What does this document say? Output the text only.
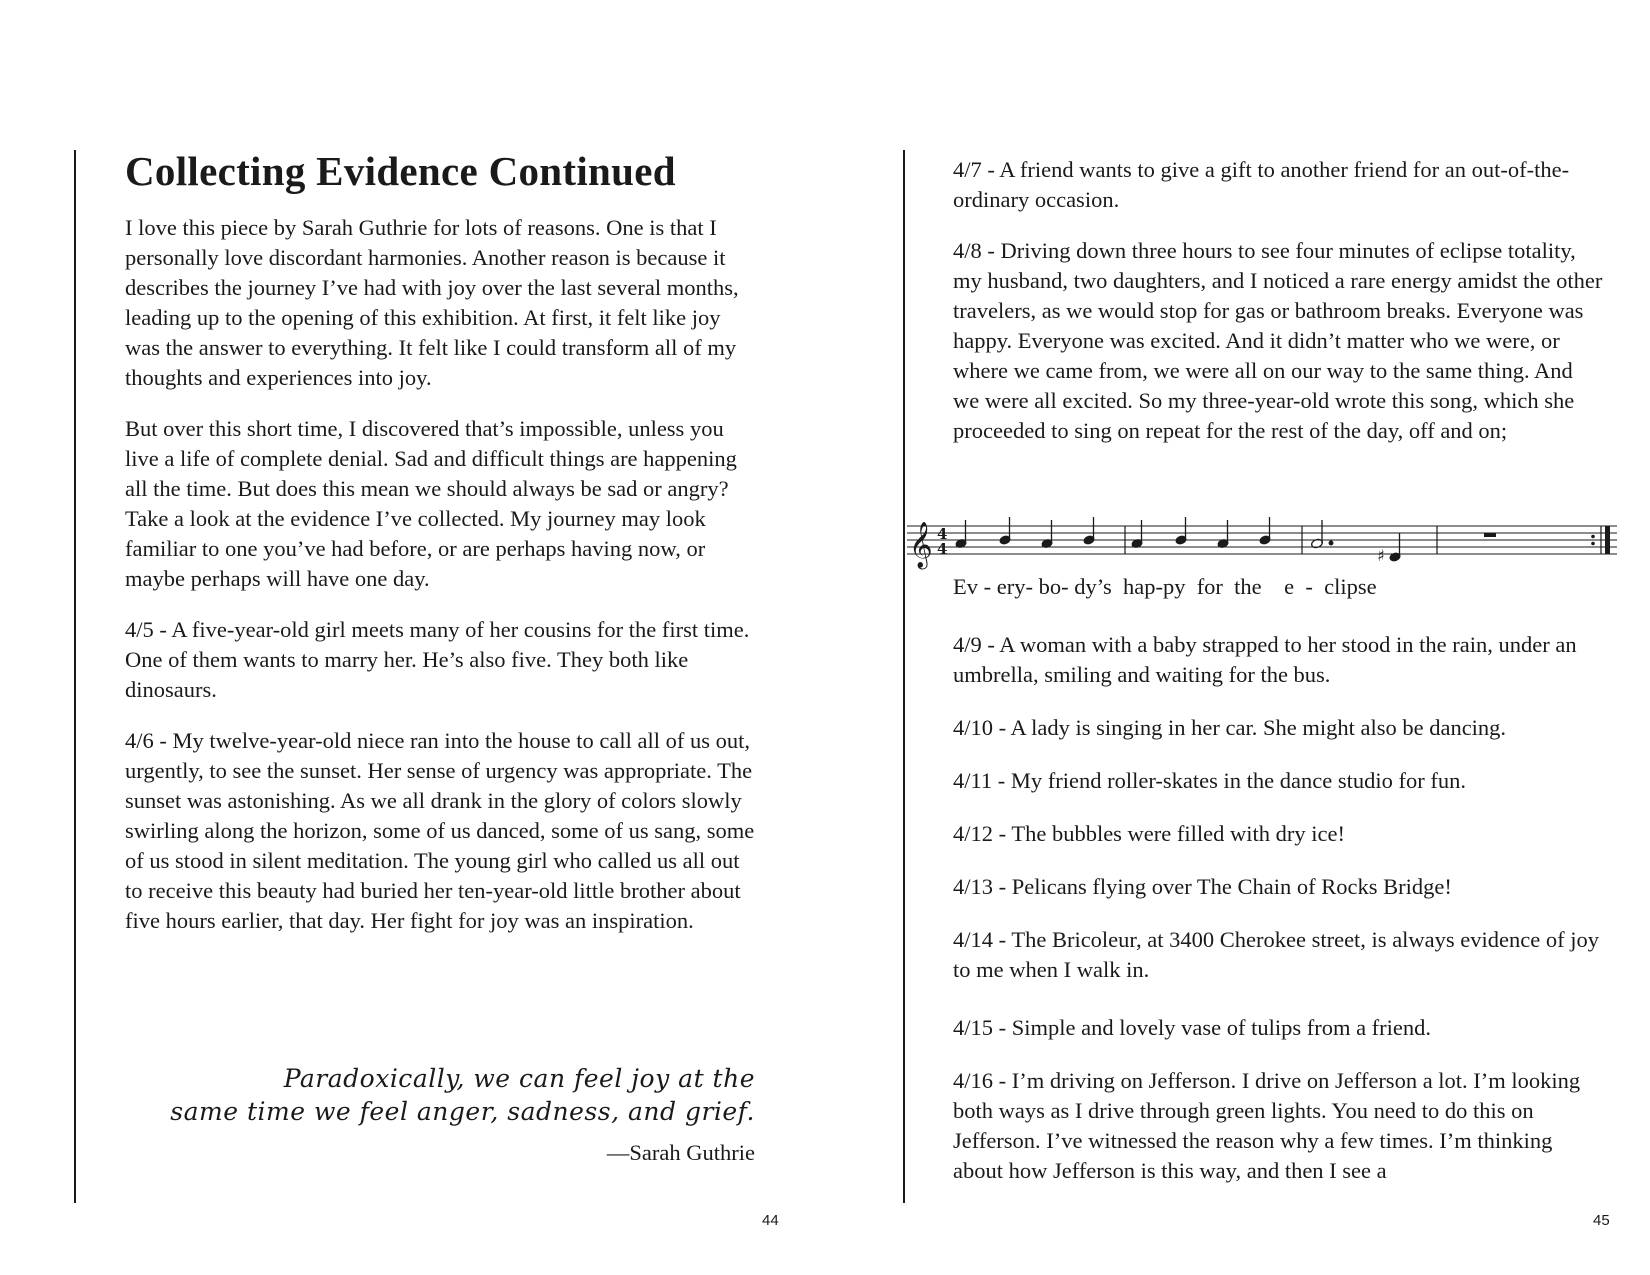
Collecting Evidence Continued

I love this piece by Sarah Guthrie for lots of reasons. One is that I personally love discordant harmonies. Another reason is because it describes the journey I’ve had with joy over the last several months, leading up to the opening of this exhibition. At first, it felt like joy was the answer to everything. It felt like I could transform all of my thoughts and experiences into joy.

But over this short time, I discovered that’s impossible, unless you live a life of complete denial. Sad and difficult things are happening all the time. But does this mean we should always be sad or angry? Take a look at the evidence I’ve collected. My journey may look familiar to one you’ve had before, or are perhaps having now, or maybe perhaps will have one day.

4/5 - A five-year-old girl meets many of her cousins for the first time. One of them wants to marry her. He’s also five. They both like dinosaurs.

4/6 - My twelve-year-old niece ran into the house to call all of us out, urgently, to see the sunset. Her sense of urgency was appropriate. The sunset was astonishing. As we all drank in the glory of colors slowly swirling along the horizon, some of us danced, some of us sang, some of us stood in silent meditation. The young girl who called us all out to receive this beauty had buried her ten-year-old little brother about five hours earlier, that day. Her fight for joy was an inspiration.

Paradoxically, we can feel joy at the
same time we feel anger, sadness, and grief.
—Sarah Guthrie
44

4/7 - A friend wants to give a gift to another friend for an out-of-the-ordinary occasion.

4/8 - Driving down three hours to see four minutes of eclipse totality, my husband, two daughters, and I noticed a rare energy amidst the other travelers, as we would stop for gas or bathroom breaks. Everyone was happy. Everyone was excited. And it didn’t matter who we were, or where we came from, we were all on our way to the same thing. And we were all excited. So my three-year-old wrote this song, which she proceeded to sing on repeat for the rest of the day, off and on;

𝄞 4
4	♯
Ev - ery- bo- dy’s  hap-py  for  the    e  -  clipse

4/9 - A woman with a baby strapped to her stood in the rain, under an umbrella, smiling and waiting for the bus.

4/10 - A lady is singing in her car. She might also be dancing.

4/11 - My friend roller-skates in the dance studio for fun.

4/12 - The bubbles were filled with dry ice!

4/13 - Pelicans flying over The Chain of Rocks Bridge!

4/14 - The Bricoleur, at 3400 Cherokee street, is always evidence of joy to me when I walk in.

4/15 - Simple and lovely vase of tulips from a friend.

4/16 - I’m driving on Jefferson. I drive on Jefferson a lot. I’m looking both ways as I drive through green lights. You need to do this on Jefferson. I’ve witnessed the reason why a few times. I’m thinking about how Jefferson is this way, and then I see a

45
